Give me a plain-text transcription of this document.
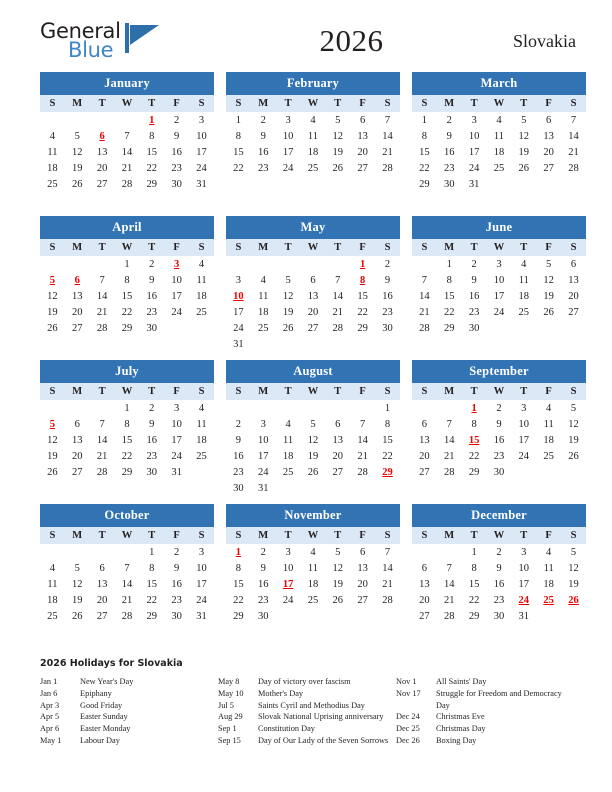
General
Blue	2026	Slovakia
January
S	M	T	W	T	F	S
				1	2	3
4	5	6	7	8	9	10
11	12	13	14	15	16	17
18	19	20	21	22	23	24
25	26	27	28	29	30	31

February
S	M	T	W	T	F	S
1	2	3	4	5	6	7
8	9	10	11	12	13	14
15	16	17	18	19	20	21
22	23	24	25	26	27	28

March
S	M	T	W	T	F	S
1	2	3	4	5	6	7
8	9	10	11	12	13	14
15	16	17	18	19	20	21
22	23	24	25	26	27	28
29	30	31				

April
S	M	T	W	T	F	S
			1	2	3	4
5	6	7	8	9	10	11
12	13	14	15	16	17	18
19	20	21	22	23	24	25
26	27	28	29	30		

May
S	M	T	W	T	F	S
					1	2
3	4	5	6	7	8	9
10	11	12	13	14	15	16
17	18	19	20	21	22	23
24	25	26	27	28	29	30
31						
June
S	M	T	W	T	F	S
	1	2	3	4	5	6
7	8	9	10	11	12	13
14	15	16	17	18	19	20
21	22	23	24	25	26	27
28	29	30				

July
S	M	T	W	T	F	S
			1	2	3	4
5	6	7	8	9	10	11
12	13	14	15	16	17	18
19	20	21	22	23	24	25
26	27	28	29	30	31	

August
S	M	T	W	T	F	S
						1
2	3	4	5	6	7	8
9	10	11	12	13	14	15
16	17	18	19	20	21	22
23	24	25	26	27	28	29
30	31					
September
S	M	T	W	T	F	S
		1	2	3	4	5
6	7	8	9	10	11	12
13	14	15	16	17	18	19
20	21	22	23	24	25	26
27	28	29	30			

October
S	M	T	W	T	F	S
				1	2	3
4	5	6	7	8	9	10
11	12	13	14	15	16	17
18	19	20	21	22	23	24
25	26	27	28	29	30	31

November
S	M	T	W	T	F	S
1	2	3	4	5	6	7
8	9	10	11	12	13	14
15	16	17	18	19	20	21
22	23	24	25	26	27	28
29	30					

December
S	M	T	W	T	F	S
		1	2	3	4	5
6	7	8	9	10	11	12
13	14	15	16	17	18	19
20	21	22	23	24	25	26
27	28	29	30	31		

2026 Holidays for Slovakia
Jan 1	New Year's Day
Jan 6	Epiphany
Apr 3	Good Friday
Apr 5	Easter Sunday
Apr 6	Easter Monday
May 1	Labour Day
May 8	Day of victory over fascism
May 10	Mother's Day
Jul 5	Saints Cyril and Methodius Day
Aug 29	Slovak National Uprising anniversary
Sep 1	Constitution Day
Sep 15	Day of Our Lady of the Seven Sorrows
Nov 1	All Saints' Day
Nov 17	Struggle for Freedom and Democracy Day
Dec 24	Christmas Eve
Dec 25	Christmas Day
Dec 26	Boxing Day
